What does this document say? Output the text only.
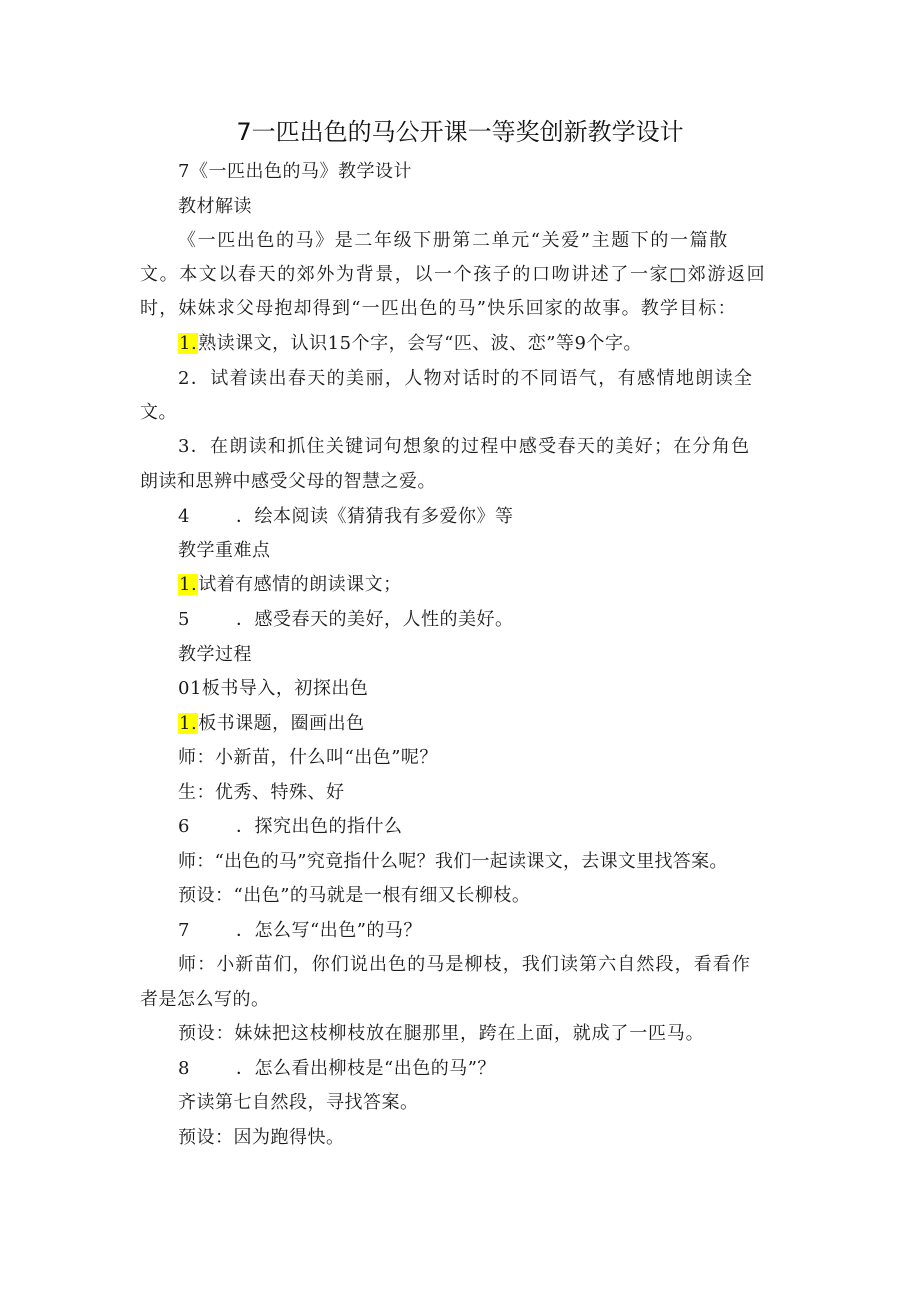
7一匹出色的马公开课一等奖创新教学设计
7《一匹出色的马》教学设计
教材解读
《一匹出色的马》是二年级下册第二单元“关爱”主题下的一篇散
文。本文以春天的郊外为背景，以一个孩子的口吻讲述了一家□郊游返回
时，妹妹求父母抱却得到“一匹出色的马”快乐回家的故事。教学目标：
1.熟读课文，认识15个字，会写“匹、波、恋”等9个字。
2．试着读出春天的美丽，人物对话时的不同语气，有感情地朗读全
文。
3．在朗读和抓住关键词句想象的过程中感受春天的美好；在分角色
朗读和思辨中感受父母的智慧之爱。
4	．绘本阅读《猜猜我有多爱你》等
教学重难点
1.试着有感情的朗读课文；
5	．感受春天的美好，人性的美好。
教学过程
01板书导入，初探出色
1.板书课题，圈画出色
师：小新苗，什么叫“出色”呢？
生：优秀、特殊、好
6	．探究出色的指什么
师：“出色的马”究竟指什么呢？我们一起读课文，去课文里找答案。
预设：“出色”的马就是一根有细又长柳枝。
7	．怎么写“出色”的马？
师：小新苗们，你们说出色的马是柳枝，我们读第六自然段，看看作
者是怎么写的。
预设：妹妹把这枝柳枝放在腿那里，跨在上面，就成了一匹马。
8	．怎么看出柳枝是“出色的马”？
齐读第七自然段，寻找答案。
预设：因为跑得快。
